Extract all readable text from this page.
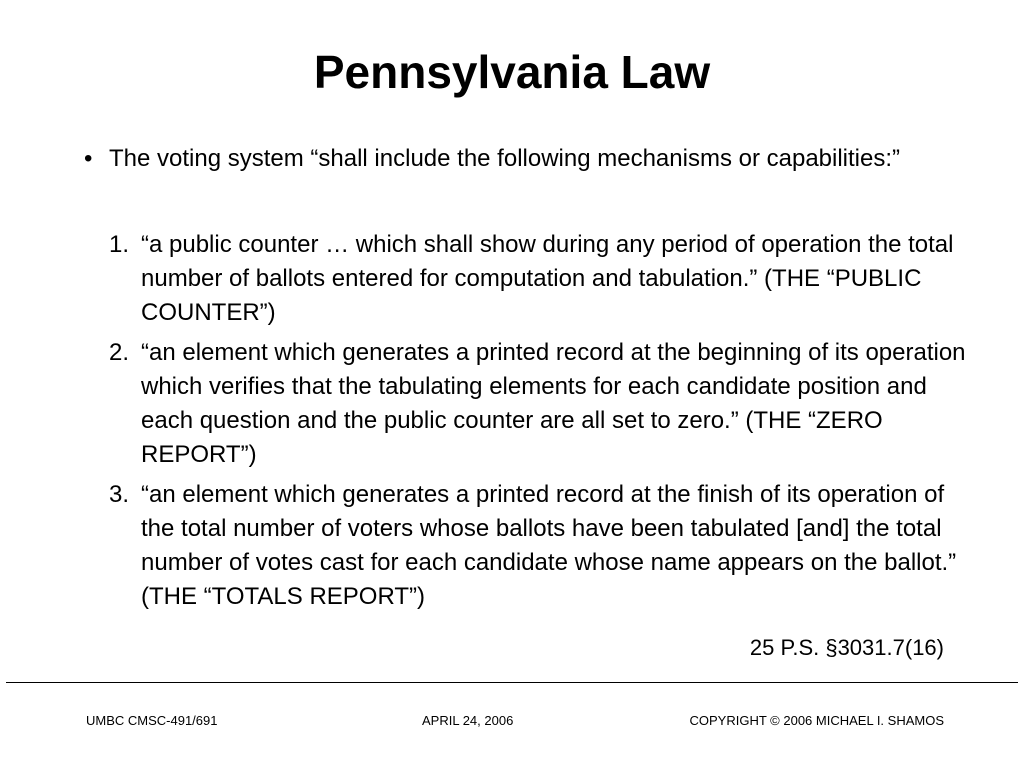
Pennsylvania Law
• The voting system “shall include the following mechanisms or capabilities:”
1. “a public counter … which shall show during any period of operation the total number of ballots entered for computation and tabulation.” (THE “PUBLIC COUNTER”)
2. “an element which generates a printed record at the beginning of its operation which verifies that the tabulating elements for each candidate position and each question and the public counter are all set to zero.” (THE “ZERO REPORT”)
3. “an element which generates a printed record at the finish of its operation of the total number of voters whose ballots have been tabulated [and] the total number of votes cast for each candidate whose name appears on the ballot.” (THE “TOTALS REPORT”)
25 P.S. §3031.7(16)
UMBC CMSC-491/691	APRIL 24, 2006	COPYRIGHT © 2006 MICHAEL I. SHAMOS
